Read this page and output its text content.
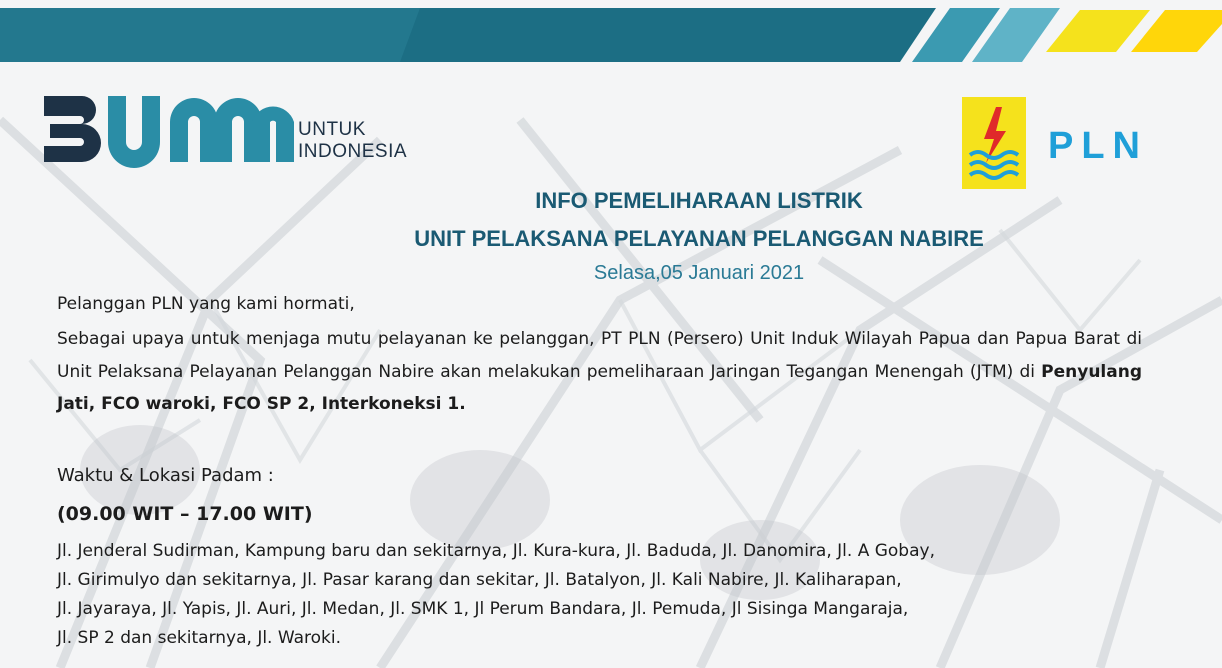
UNTUK
INDONESIA	PLN
INFO PEMELIHARAAN LISTRIK
UNIT PELAKSANA PELAYANAN PELANGGAN NABIRE
Selasa,05 Januari 2021
Pelanggan PLN yang kami hormati,
Sebagai upaya untuk menjaga mutu pelayanan ke pelanggan, PT PLN (Persero) Unit Induk Wilayah Papua dan Papua Barat di Unit Pelaksana Pelayanan Pelanggan Nabire akan melakukan pemeliharaan Jaringan Tegangan Menengah (JTM) di Penyulang Jati, FCO waroki, FCO SP 2, Interkoneksi 1.
Waktu & Lokasi Padam :
(09.00 WIT – 17.00 WIT)
Jl. Jenderal Sudirman, Kampung baru dan sekitarnya, Jl. Kura-kura, Jl. Baduda, Jl. Danomira, Jl. A Gobay,
Jl. Girimulyo dan sekitarnya, Jl. Pasar karang dan sekitar, Jl. Batalyon, Jl. Kali Nabire, Jl. Kaliharapan,
Jl. Jayaraya, Jl. Yapis, Jl. Auri, Jl. Medan, Jl. SMK 1, Jl Perum Bandara, Jl. Pemuda, Jl Sisinga Mangaraja,
Jl. SP 2 dan sekitarnya, Jl. Waroki.
